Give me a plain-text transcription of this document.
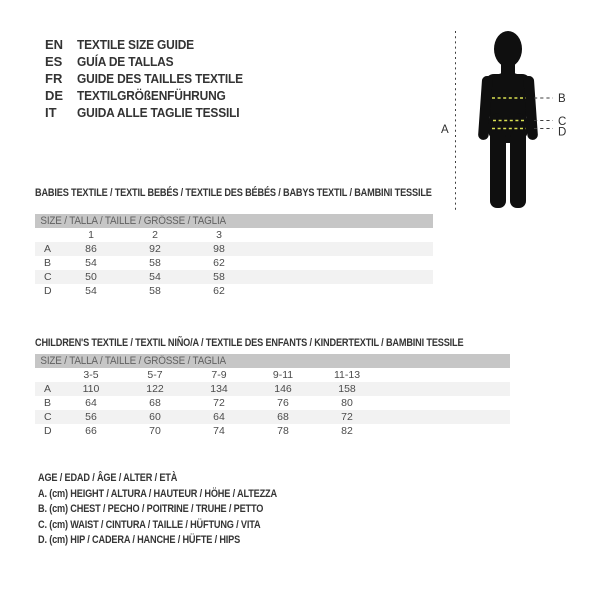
EN	TEXTILE SIZE GUIDE
ES	GUÍA DE TALLAS
FR	GUIDE DES TAILLES TEXTILE
DE	TEXTILGRÖßENFÜHRUNG
IT	GUIDA ALLE TAGLIE TESSILI
A
B
C
D
BABIES TEXTILE / TEXTIL BEBÉS / TEXTILE DES BÉBÉS / BABYS TEXTIL / BAMBINI TESSILE
SIZE / TALLA / TAILLE / GRÖSSE / TAGLIA
1	2	3
A	86	92	98
B	54	58	62
C	50	54	58
D	54	58	62
CHILDREN'S TEXTILE / TEXTIL NIÑO/A / TEXTILE DES ENFANTS / KINDERTEXTIL / BAMBINI TESSILE
SIZE / TALLA / TAILLE / GRÖSSE / TAGLIA
3-5	5-7	7-9	9-11	11-13
A	110	122	134	146	158
B	64	68	72	76	80
C	56	60	64	68	72
D	66	70	74	78	82
AGE / EDAD / ÂGE / ALTER / ETÀ
A. (cm) HEIGHT / ALTURA / HAUTEUR / HÖHE / ALTEZZA
B. (cm) CHEST / PECHO / POITRINE / TRUHE / PETTO
C. (cm) WAIST / CINTURA / TAILLE / HÜFTUNG / VITA
D. (cm) HIP / CADERA / HANCHE / HÜFTE / HIPS
